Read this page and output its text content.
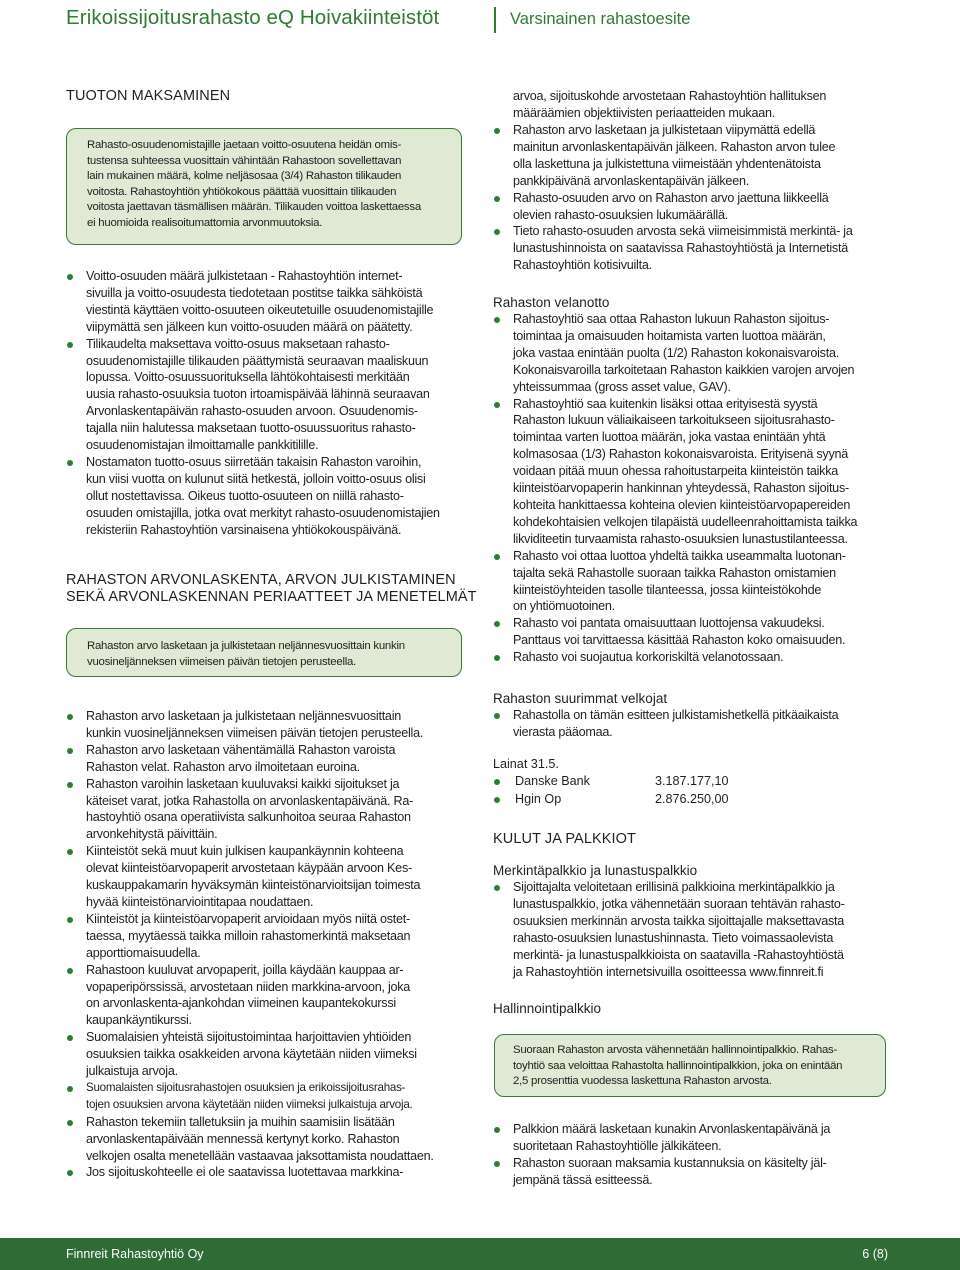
Erikoissijoitusrahasto eQ Hoivakiinteistöt	Varsinainen rahastoesite
TUOTON MAKSAMINEN
Rahasto-osuudenomistajille jaetaan voitto-osuutena heidän omis-
tustensa suhteessa vuosittain vähintään Rahastoon sovellettavan
lain mukainen määrä, kolme neljäsosaa (3/4) Rahaston tilikauden
voitosta. Rahastoyhtiön yhtiökokous päättää vuosittain tilikauden
voitosta jaettavan täsmällisen määrän. Tilikauden voittoa laskettaessa
ei huomioida realisoitumattomia arvonmuutoksia.
Voitto-osuuden määrä julkistetaan - Rahastoyhtiön internet-
sivuilla ja voitto-osuudesta tiedotetaan postitse taikka sähköistä
viestintä käyttäen voitto-osuuteen oikeutetuille osuudenomistajille
viipymättä sen jälkeen kun voitto-osuuden määrä on päätetty.
Tilikaudelta maksettava voitto-osuus maksetaan rahasto-
osuudenomistajille tilikauden päättymistä seuraavan maaliskuun
lopussa. Voitto-osuussuorituksella lähtökohtaisesti merkitään
uusia rahasto-osuuksia tuoton irtoamispäivää lähinnä seuraavan
Arvonlaskentapäivän rahasto-osuuden arvoon. Osuudenomis-
tajalla niin halutessa maksetaan tuotto-osuussuoritus rahasto-
osuudenomistajan ilmoittamalle pankkitilille.
Nostamaton tuotto-osuus siirretään takaisin Rahaston varoihin,
kun viisi vuotta on kulunut siitä hetkestä, jolloin voitto-osuus olisi
ollut nostettavissa. Oikeus tuotto-osuuteen on niillä rahasto-
osuuden omistajilla, jotka ovat merkityt rahasto-osuudenomistajien
rekisteriin Rahastoyhtiön varsinaisena yhtiökokouspäivänä.
RAHASTON ARVONLASKENTA, ARVON JULKISTAMINEN
SEKÄ ARVONLASKENNAN PERIAATTEET JA MENETELMÄT
Rahaston arvo lasketaan ja julkistetaan neljännesvuosittain kunkin
vuosineljänneksen viimeisen päivän tietojen perusteella.
Rahaston arvo lasketaan ja julkistetaan neljännesvuosittain
kunkin vuosineljänneksen viimeisen päivän tietojen perusteella.
Rahaston arvo lasketaan vähentämällä Rahaston varoista
Rahaston velat. Rahaston arvo ilmoitetaan euroina.
Rahaston varoihin lasketaan kuuluvaksi kaikki sijoitukset ja
käteiset varat, jotka Rahastolla on arvonlaskentapäivänä. Ra-
hastoyhtiö osana operatiivista salkunhoitoa seuraa Rahaston
arvonkehitystä päivittäin.
Kiinteistöt sekä muut kuin julkisen kaupankäynnin kohteena
olevat kiinteistöarvopaperit arvostetaan käypään arvoon Kes-
kuskauppakamarin hyväksymän kiinteistönarvioitsijan toimesta
hyvää kiinteistönarviointitapaa noudattaen.
Kiinteistöt ja kiinteistöarvopaperit arvioidaan myös niitä ostet-
taessa, myytäessä taikka milloin rahastomerkintä maksetaan
apporttiomaisuudella.
Rahastoon kuuluvat arvopaperit, joilla käydään kauppaa ar-
vopaperipörssissä, arvostetaan niiden markkina-arvoon, joka
on arvonlaskenta-ajankohdan viimeinen kaupantekokurssi
kaupankäyntikurssi.
Suomalaisien yhteistä sijoitustoimintaa harjoittavien yhtiöiden
osuuksien taikka osakkeiden arvona käytetään niiden viimeksi
julkaistuja arvoja.
Suomalaisten sijoitusrahastojen osuuksien ja erikoissijoitusrahas-
tojen osuuksien arvona käytetään niiden viimeksi julkaistuja arvoja.
Rahaston tekemiin talletuksiin ja muihin saamisiin lisätään
arvonlaskentapäivään mennessä kertynyt korko. Rahaston
velkojen osalta menetellään vastaavaa jaksottamista noudattaen.
Jos sijoituskohteelle ei ole saatavissa luotettavaa markkina-
arvoa, sijoituskohde arvostetaan Rahastoyhtiön hallituksen
määräämien objektiivisten periaatteiden mukaan.
Rahaston arvo lasketaan ja julkistetaan viipymättä edellä
mainitun arvonlaskentapäivän jälkeen. Rahaston arvon tulee
olla laskettuna ja julkistettuna viimeistään yhdentenätoista
pankkipäivänä arvonlaskentapäivän jälkeen.
Rahasto-osuuden arvo on Rahaston arvo jaettuna liikkeellä
olevien rahasto-osuuksien lukumäärällä.
Tieto rahasto-osuuden arvosta sekä viimeisimmistä merkintä- ja
lunastushinnoista on saatavissa Rahastoyhtiöstä ja Internetistä
Rahastoyhtiön kotisivuilta.
Rahaston velanotto
Rahastoyhtiö saa ottaa Rahaston lukuun Rahaston sijoitus-
toimintaa ja omaisuuden hoitamista varten luottoa määrän,
joka vastaa enintään puolta (1/2) Rahaston kokonaisvaroista.
Kokonaisvaroilla tarkoitetaan Rahaston kaikkien varojen arvojen
yhteissummaa (gross asset value, GAV).
Rahastoyhtiö saa kuitenkin lisäksi ottaa erityisestä syystä
Rahaston lukuun väliaikaiseen tarkoitukseen sijoitusrahasto-
toimintaa varten luottoa määrän, joka vastaa enintään yhtä
kolmasosaa (1/3) Rahaston kokonaisvaroista. Erityisenä syynä
voidaan pitää muun ohessa rahoitustarpeita kiinteistön taikka
kiinteistöarvopaperin hankinnan yhteydessä, Rahaston sijoitus-
kohteita hankittaessa kohteina olevien kiinteistöarvopapereiden
kohdekohtaisien velkojen tilapäistä uudelleenrahoittamista taikka
likviditeetin turvaamista rahasto-osuuksien lunastustilanteessa.
Rahasto voi ottaa luottoa yhdeltä taikka useammalta luotonan-
tajalta sekä Rahastolle suoraan taikka Rahaston omistamien
kiinteistöyhteiden tasolle tilanteessa, jossa kiinteistökohde
on yhtiömuotoinen.
Rahasto voi pantata omaisuuttaan luottojensa vakuudeksi.
Panttaus voi tarvittaessa käsittää Rahaston koko omaisuuden.
Rahasto voi suojautua korkoriskiltä velanotossaan.
Rahaston suurimmat velkojat
Rahastolla on tämän esitteen julkistamishetkellä pitkäaikaista
vierasta pääomaa.
Lainat 31.5.
Danske Bank	3.187.177,10
Hgin Op	2.876.250,00
KULUT JA PALKKIOT
Merkintäpalkkio ja lunastuspalkkio
Sijoittajalta veloitetaan erillisinä palkkioina merkintäpalkkio ja
lunastuspalkkio, jotka vähennetään suoraan tehtävän rahasto-
osuuksien merkinnän arvosta taikka sijoittajalle maksettavasta
rahasto-osuuksien lunastushinnasta. Tieto voimassaolevista
merkintä- ja lunastuspalkkioista on saatavilla -Rahastoyhtiöstä
ja Rahastoyhtiön internetsivuilla osoitteessa www.finnreit.fi
Hallinnointipalkkio
Suoraan Rahaston arvosta vähennetään hallinnointipalkkio. Rahas-
toyhtiö saa veloittaa Rahastolta hallinnointipalkkion, joka on enintään
2,5 prosenttia vuodessa laskettuna Rahaston arvosta.
Palkkion määrä lasketaan kunakin Arvonlaskentapäivänä ja
suoritetaan Rahastoyhtiölle jälkikäteen.
Rahaston suoraan maksamia kustannuksia on käsitelty jäl-
jempänä tässä esitteessä.
Finnreit Rahastoyhtiö Oy	6 (8)
